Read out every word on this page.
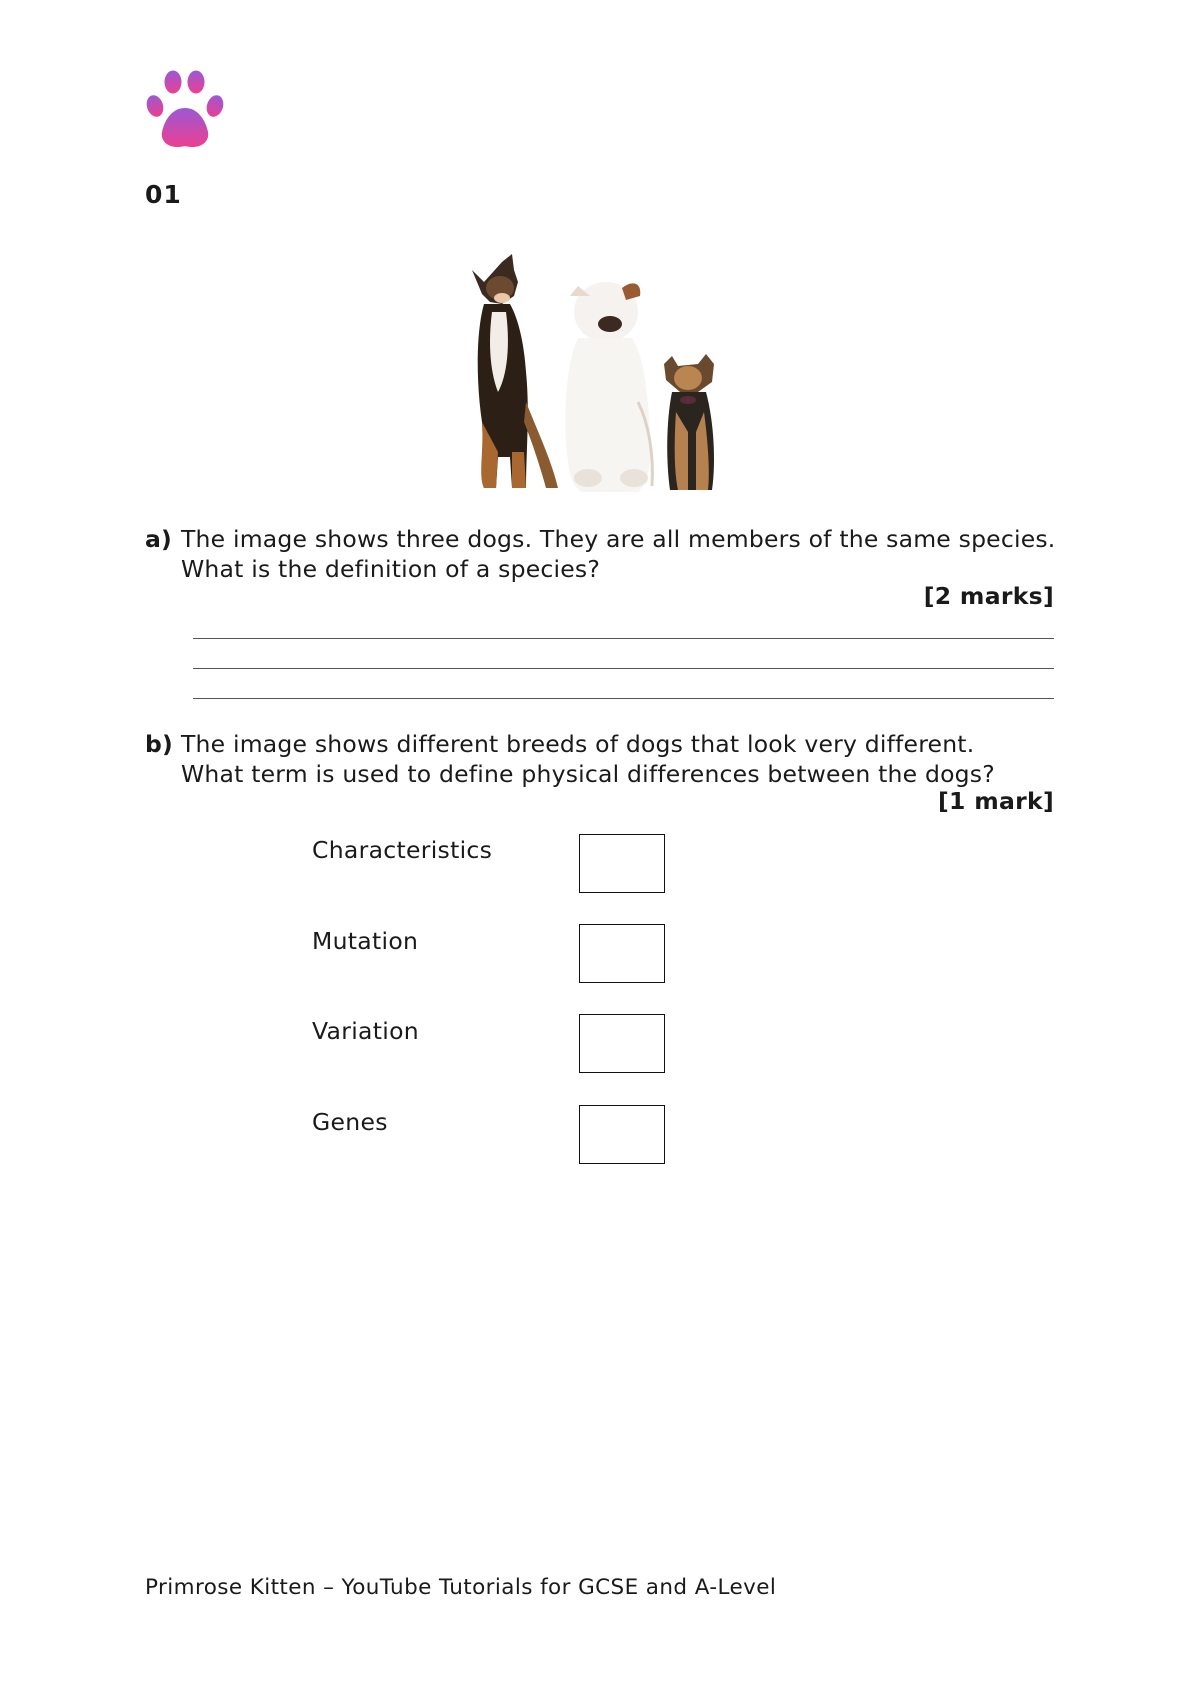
01
a) The image shows three dogs. They are all members of the same species.
What is the definition of a species?
[2 marks]
b) The image shows different breeds of dogs that look very different.
What term is used to define physical differences between the dogs?
[1 mark]
Characteristics
Mutation
Variation
Genes
Primrose Kitten – YouTube Tutorials for GCSE and A-Level
